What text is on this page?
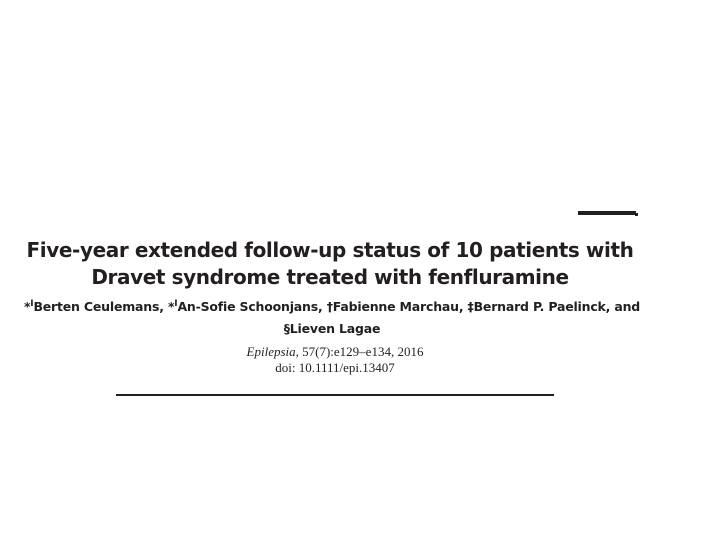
Five-year extended follow-up status of 10 patients with
Dravet syndrome treated with fenfluramine

*$^I$Berten Ceulemans, *$^I$An-Sofie Schoonjans, †Fabienne Marchau, ‡Bernard P. Paelinck, and
§Lieven Lagae

Epilepsia, 57(7):e129–e134, 2016
doi: 10.1111/epi.13407
